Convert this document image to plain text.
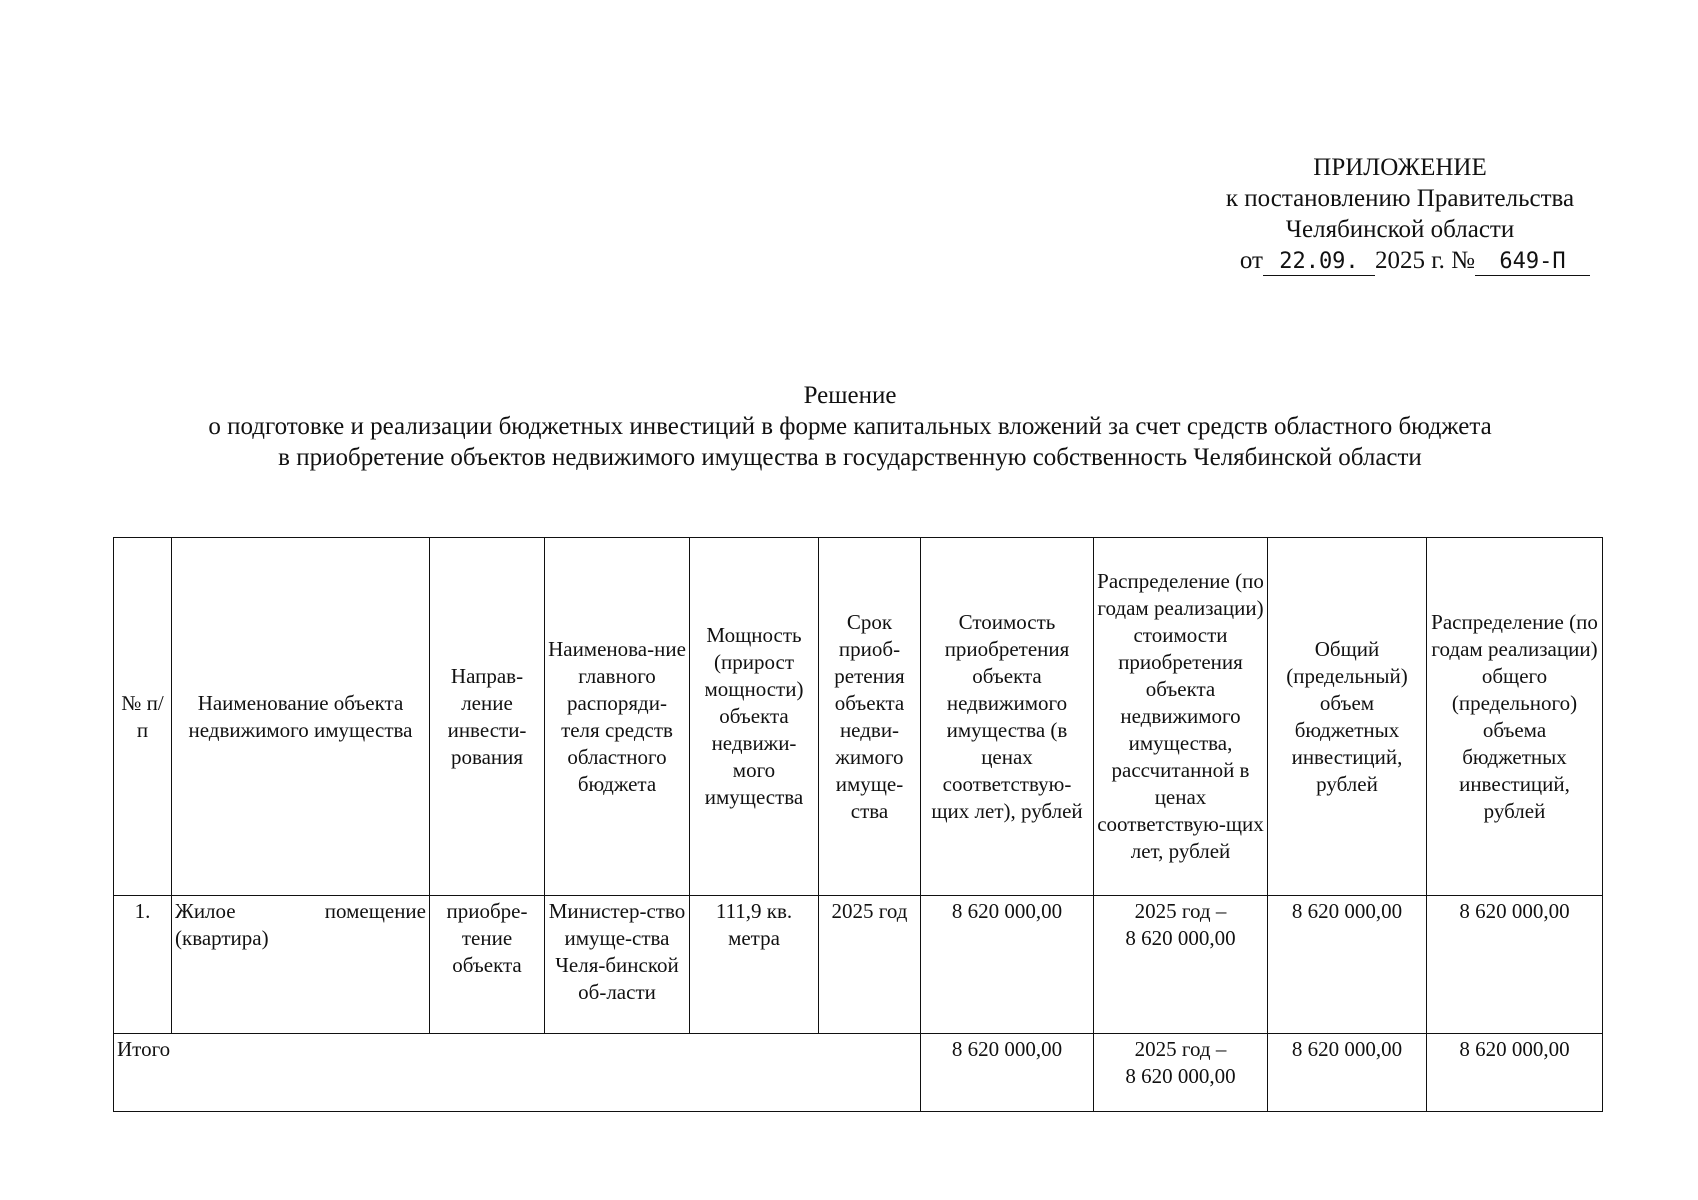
ПРИЛОЖЕНИЕ
к постановлению Правительства
Челябинской области
от 22.09. 2025 г. № 649-П
Решение
о подготовке и реализации бюджетных инвестиций в форме капитальных вложений за счет средств областного бюджета
в приобретение объектов недвижимого имущества в государственную собственность Челябинской области
№ п/п	Наименование объекта недвижимого имущества	Направ-ление инвести-рования	Наименова-ние главного распоряди-теля средств областного бюджета	Мощность (прирост мощности) объекта недвижи-мого имущества	Срок приоб-ретения объекта недви-жимого имуще-ства	Стоимость приобретения объекта недвижимого имущества (в ценах соответствую-щих лет), рублей	Распределение (по годам реализации) стоимости приобретения объекта недвижимого имущества, рассчитанной в ценах соответствую-щих лет, рублей	Общий (предельный) объем бюджетных инвестиций, рублей	Распределение (по годам реализации) общего (предельного) объема бюджетных инвестиций, рублей
1.	Жилое помещение (квартира)	приобре-тение объекта	Министер-ство имуще-ства Челя-бинской об-ласти	111,9 кв. метра	2025 год	8 620 000,00	2025 год –
8 620 000,00	8 620 000,00	8 620 000,00
Итого						8 620 000,00	2025 год –
8 620 000,00	8 620 000,00	8 620 000,00
